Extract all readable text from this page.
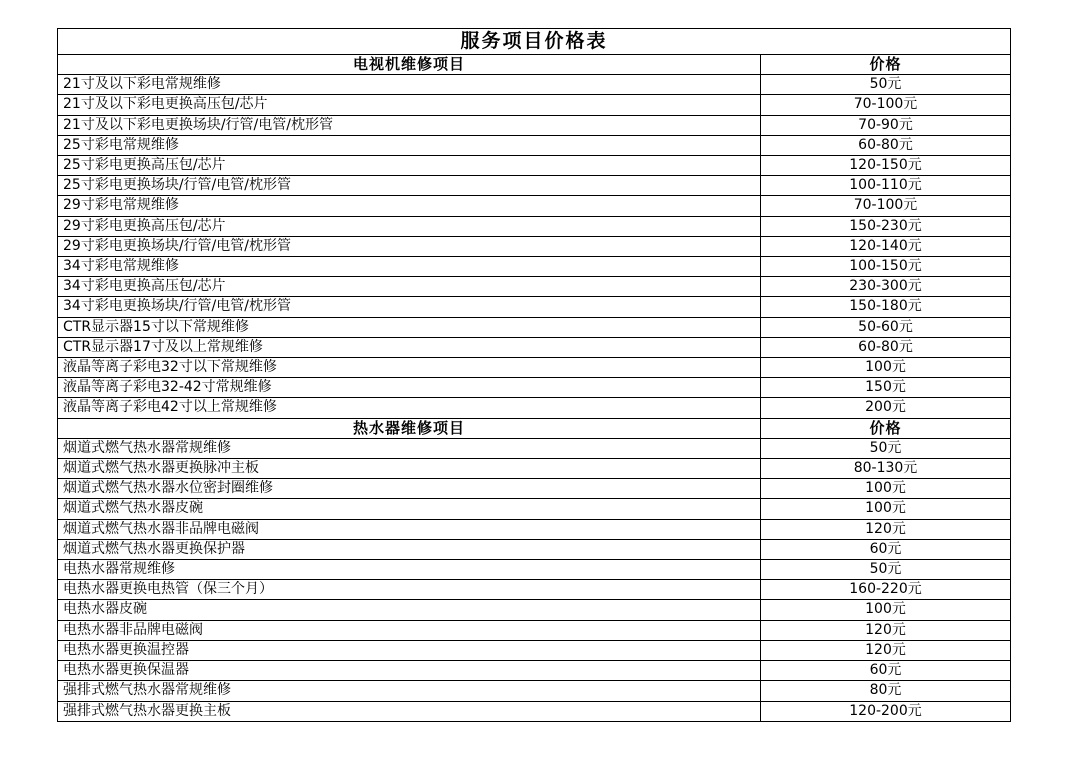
服务项目价格表	
电视机维修项目	价格
21寸及以下彩电常规维修	50元
21寸及以下彩电更换高压包/芯片	70-100元
21寸及以下彩电更换场块/行管/电管/枕形管	70-90元
25寸彩电常规维修	60-80元
25寸彩电更换高压包/芯片	120-150元
25寸彩电更换场块/行管/电管/枕形管	100-110元
29寸彩电常规维修	70-100元
29寸彩电更换高压包/芯片	150-230元
29寸彩电更换场块/行管/电管/枕形管	120-140元
34寸彩电常规维修	100-150元
34寸彩电更换高压包/芯片	230-300元
34寸彩电更换场块/行管/电管/枕形管	150-180元
CTR显示器15寸以下常规维修	50-60元
CTR显示器17寸及以上常规维修	60-80元
液晶等离子彩电32寸以下常规维修	100元
液晶等离子彩电32-42寸常规维修	150元
液晶等离子彩电42寸以上常规维修	200元
热水器维修项目	价格
烟道式燃气热水器常规维修	50元
烟道式燃气热水器更换脉冲主板	80-130元
烟道式燃气热水器水位密封圈维修	100元
烟道式燃气热水器皮碗	100元
烟道式燃气热水器非品牌电磁阀	120元
烟道式燃气热水器更换保护器	60元
电热水器常规维修	50元
电热水器更换电热管（保三个月）	160-220元
电热水器皮碗	100元
电热水器非品牌电磁阀	120元
电热水器更换温控器	120元
电热水器更换保温器	60元
强排式燃气热水器常规维修	80元
强排式燃气热水器更换主板	120-200元
